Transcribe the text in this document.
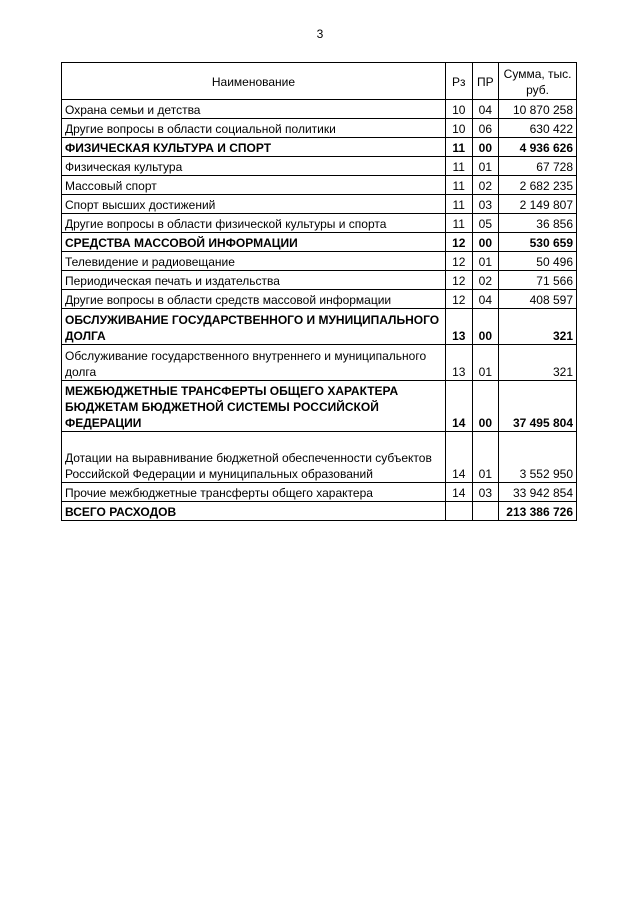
3
Наименование	Рз	ПР	Сумма, тыс. руб.
Охрана семьи и детства	10	04	10 870 258
Другие вопросы в области социальной политики	10	06	630 422
ФИЗИЧЕСКАЯ КУЛЬТУРА И СПОРТ	11	00	4 936 626
Физическая культура	11	01	67 728
Массовый спорт	11	02	2 682 235
Спорт высших достижений	11	03	2 149 807
Другие вопросы в области физической культуры и спорта	11	05	36 856
СРЕДСТВА МАССОВОЙ ИНФОРМАЦИИ	12	00	530 659
Телевидение и радиовещание	12	01	50 496
Периодическая печать и издательства	12	02	71 566
Другие вопросы в области средств массовой информации	12	04	408 597
ОБСЛУЖИВАНИЕ ГОСУДАРСТВЕННОГО И МУНИЦИПАЛЬНОГО ДОЛГА	13	00	321
Обслуживание государственного внутреннего и муниципального долга	13	01	321
МЕЖБЮДЖЕТНЫЕ ТРАНСФЕРТЫ ОБЩЕГО ХАРАКТЕРА БЮДЖЕТАМ БЮДЖЕТНОЙ СИСТЕМЫ РОССИЙСКОЙ ФЕДЕРАЦИИ	14	00	37 495 804
Дотации на выравнивание бюджетной обеспеченности субъектов Российской Федерации и муниципальных образований	14	01	3 552 950
Прочие межбюджетные трансферты общего характера	14	03	33 942 854
ВСЕГО РАСХОДОВ			213 386 726
